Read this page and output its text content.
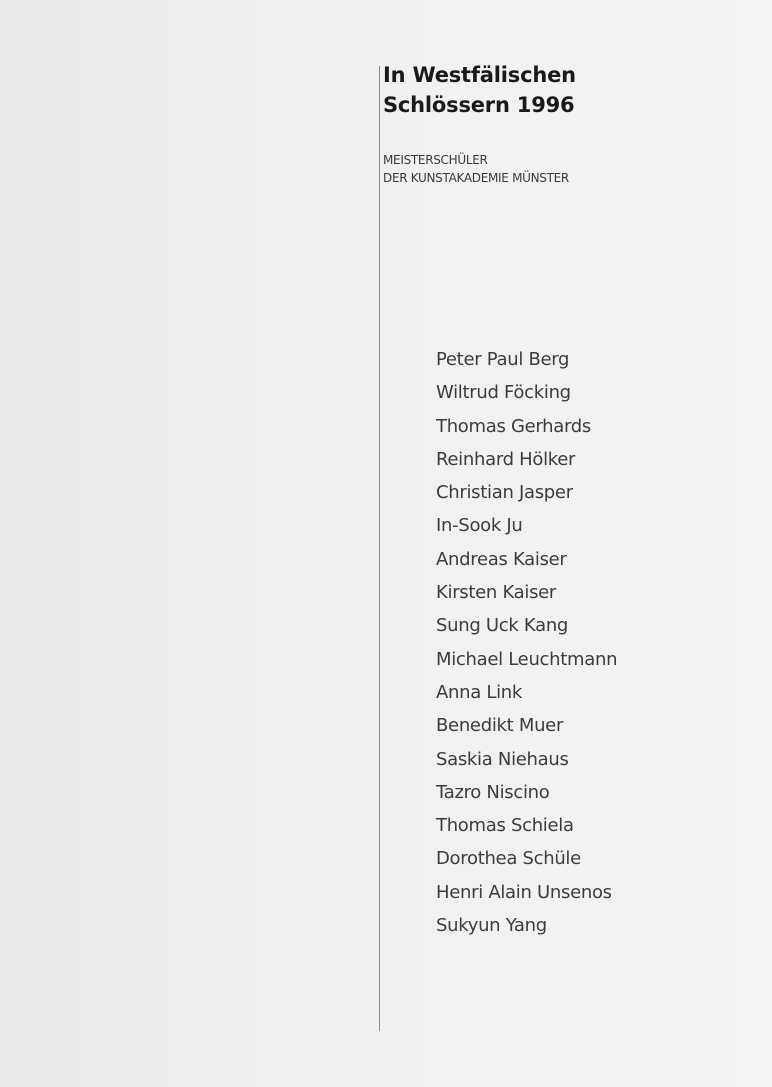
In Westfälischen
Schlössern 1996
MEISTERSCHÜLER
DER KUNSTAKADEMIE MÜNSTER
Peter Paul Berg
Wiltrud Föcking
Thomas Gerhards
Reinhard Hölker
Christian Jasper
In-Sook Ju
Andreas Kaiser
Kirsten Kaiser
Sung Uck Kang
Michael Leuchtmann
Anna Link
Benedikt Muer
Saskia Niehaus
Tazro Niscino
Thomas Schiela
Dorothea Schüle
Henri Alain Unsenos
Sukyun Yang
